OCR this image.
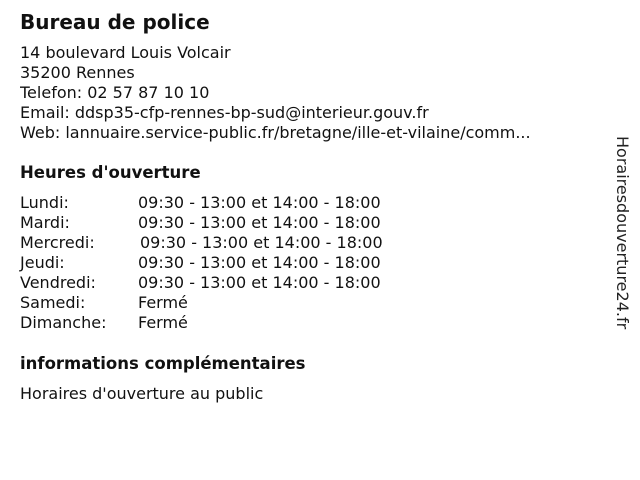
Bureau de police
14 boulevard Louis Volcair
35200 Rennes
Telefon: 02 57 87 10 10
Email: ddsp35-cfp-rennes-bp-sud@interieur.gouv.fr
Web: lannuaire.service-public.fr/bretagne/ille-et-vilaine/comm...
Heures d'ouverture
Lundi:	09:30 - 13:00 et 14:00 - 18:00
Mardi:	09:30 - 13:00 et 14:00 - 18:00
Mercredi:	09:30 - 13:00 et 14:00 - 18:00
Jeudi:	09:30 - 13:00 et 14:00 - 18:00
Vendredi:	09:30 - 13:00 et 14:00 - 18:00
Samedi:	Fermé
Dimanche:	Fermé
informations complémentaires
Horaires d'ouverture au public
Horairesdouverture24.fr
